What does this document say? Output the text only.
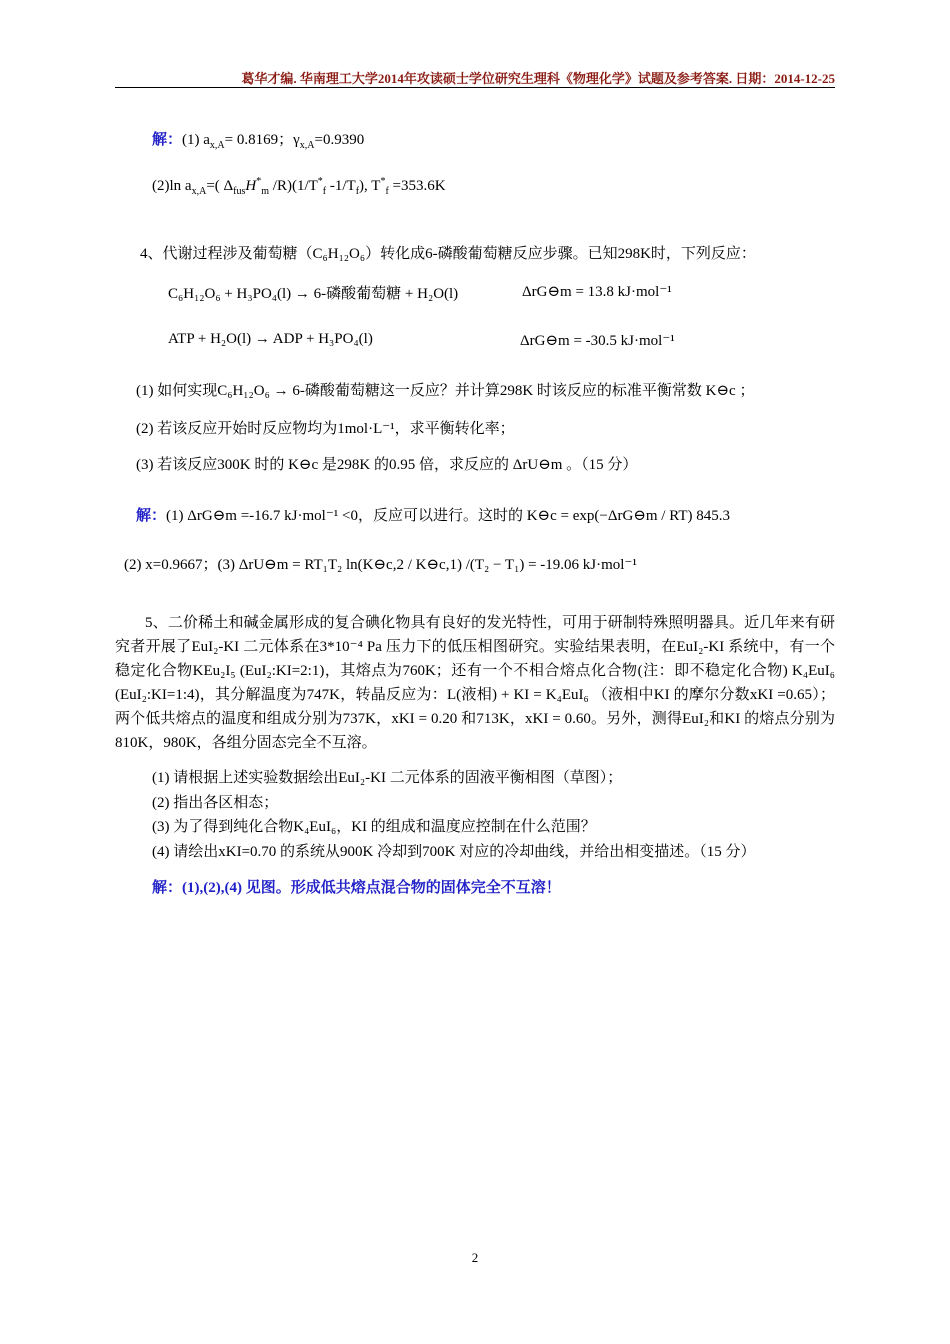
葛华才编. 华南理工大学2014年攻读硕士学位研究生理科《物理化学》试题及参考答案. 日期：2014-12-25
解：(1) $a_{x,A}= 0.8169$；$\gamma_{x,A}=0.9390$
(2)ln $a_{x,A}=$( $\Delta_{fus}H^*_m$ $/R)(1/T^*_f$ $-1/T_f$), $T^*_f =353.6K$
4、代谢过程涉及葡萄糖（C₆H₁₂O₆）转化成6-磷酸葡萄糖反应步骤。已知298K时，下列反应：
C₆H₁₂O₆ + H₃PO₄(l) → 6-磷酸葡萄糖 + H₂O(l)	ΔrG⊖m = 13.8 kJ·mol⁻¹
ATP + H₂O(l) → ADP + H₃PO₄(l)	ΔrG⊖m = -30.5 kJ·mol⁻¹
(1) 如何实现C₆H₁₂O₆ → 6-磷酸葡萄糖这一反应？并计算298K 时该反应的标准平衡常数 K⊖c ；
(2) 若该反应开始时反应物均为1mol·L⁻¹，求平衡转化率；
(3) 若该反应300K 时的 K⊖c 是298K 的0.95 倍，求反应的 ΔrU⊖m 。（15 分）
解：(1) ΔrG⊖m =-16.7 kJ·mol⁻¹ <0，反应可以进行。这时的 K⊖c = exp(−ΔrG⊖m / RT) 845.3
(2) x=0.9667；(3) ΔrU⊖m = RT₁T₂ ln(K⊖c,2 / K⊖c,1) /(T₂ − T₁) = -19.06 kJ·mol⁻¹
5、二价稀土和碱金属形成的复合碘化物具有良好的发光特性，可用于研制特殊照明器具。近几年来有研究者开展了EuI₂-KI 二元体系在3*10⁻⁴ Pa 压力下的低压相图研究。实验结果表明，在EuI₂-KI 系统中，有一个稳定化合物KEu₂I₅ (EuI₂:KI=2:1)，其熔点为760K；还有一个不相合熔点化合物(注：即不稳定化合物) K₄EuI₆ (EuI₂:KI=1:4)，其分解温度为747K，转晶反应为：L(液相) + KI = K₄EuI₆ （液相中KI 的摩尔分数xKI =0.65）；两个低共熔点的温度和组成分别为737K，xKI = 0.20 和713K，xKI = 0.60。另外，测得EuI₂和KI 的熔点分别为810K，980K，各组分固态完全不互溶。
(1) 请根据上述实验数据绘出EuI₂-KI 二元体系的固液平衡相图（草图）；
(2) 指出各区相态；
(3) 为了得到纯化合物K₄EuI₆，KI 的组成和温度应控制在什么范围？
(4) 请绘出xKI=0.70 的系统从900K 冷却到700K 对应的冷却曲线，并给出相变描述。（15 分）
解：(1),(2),(4) 见图。形成低共熔点混合物的固体完全不互溶！
2
